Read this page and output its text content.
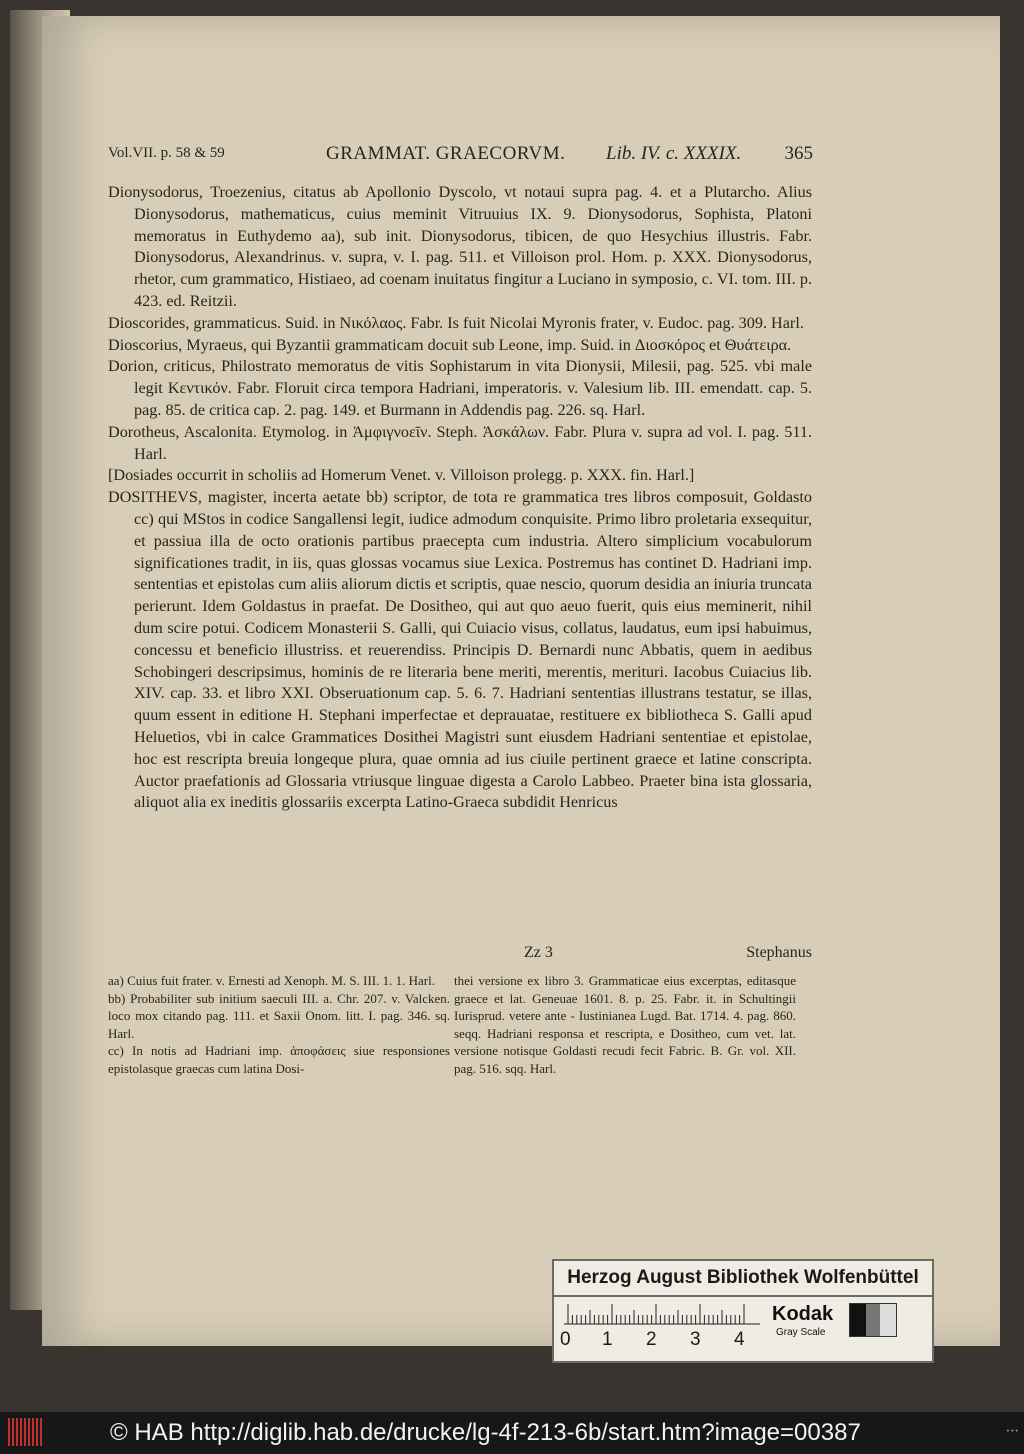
Vol.VII. p. 58 & 59	GRAMMAT. GRAECORVM. Lib. IV. c. XXXIX. 365

Dionysodorus, Troezenius, citatus ab Apollonio Dyscolo, vt notaui supra pag. 4. et a Plutarcho. Alius Dionysodorus, mathematicus, cuius meminit Vitruuius IX. 9. Dionysodorus, Sophista, Platoni memoratus in Euthydemo aa), sub init. Dionysodorus, tibicen, de quo Hesychius illustris. Fabr. Dionysodorus, Alexandrinus. v. supra, v. I. pag. 511. et Villoison prol. Hom. p. XXX. Dionysodorus, rhetor, cum grammatico, Histiaeo, ad coenam inuitatus fingitur a Luciano in symposio, c. VI. tom. III. p. 423. ed. Reitzii.

Dioscorides, grammaticus. Suid. in Νικόλαος. Fabr. Is fuit Nicolai Myronis frater, v. Eudoc. pag. 309. Harl.

Dioscorius, Myraeus, qui Byzantii grammaticam docuit sub Leone, imp. Suid. in Διοσκόρος et Θυάτειρα.

Dorion, criticus, Philostrato memoratus de vitis Sophistarum in vita Dionysii, Milesii, pag. 525. vbi male legit Κεντικόν. Fabr. Floruit circa tempora Hadriani, imperatoris. v. Valesium lib. III. emendatt. cap. 5. pag. 85. de critica cap. 2. pag. 149. et Burmann in Addendis pag. 226. sq. Harl.

Dorotheus, Ascalonita. Etymolog. in Ἀμφιγνοεῖν. Steph. Ἀσκάλων. Fabr. Plura v. supra ad vol. I. pag. 511. Harl.

[Dosiades occurrit in scholiis ad Homerum Venet. v. Villoison prolegg. p. XXX. fin. Harl.]

DOSITHEVS, magister, incerta aetate bb) scriptor, de tota re grammatica tres libros composuit, Goldasto cc) qui MStos in codice Sangallensi legit, iudice admodum conquisite. Primo libro proletaria exsequitur, et passiua illa de octo orationis partibus praecepta cum industria. Altero simplicium vocabulorum significationes tradit, in iis, quas glossas vocamus siue Lexica. Postremus has continet D. Hadriani imp. sententias et epistolas cum aliis aliorum dictis et scriptis, quae nescio, quorum desidia an iniuria truncata perierunt. Idem Goldastus in praefat. De Dositheo, qui aut quo aeuo fuerit, quis eius meminerit, nihil dum scire potui. Codicem Monasterii S. Galli, qui Cuiacio visus, collatus, laudatus, eum ipsi habuimus, concessu et beneficio illustriss. et reuerendiss. Principis D. Bernardi nunc Abbatis, quem in aedibus Schobingeri descripsimus, hominis de re literaria bene meriti, merentis, merituri. Iacobus Cuiacius lib. XIV. cap. 33. et libro XXI. Obseruationum cap. 5. 6. 7. Hadriani sententias illustrans testatur, se illas, quum essent in editione H. Stephani imperfectae et deprauatae, restituere ex bibliotheca S. Galli apud Heluetios, vbi in calce Grammatices Dosithei Magistri sunt eiusdem Hadriani sententiae et epistolae, hoc est rescripta breuia longeque plura, quae omnia ad ius ciuile pertinent graece et latine conscripta. Auctor praefationis ad Glossaria vtriusque linguae digesta a Carolo Labbeo. Praeter bina ista glossaria, aliquot alia ex ineditis glossariis excerpta Latino-Graeca subdidit Henricus

Zz 3	Stephanus

aa) Cuius fuit frater. v. Ernesti ad Xenoph. M. S. III. 1. 1. Harl.

bb) Probabiliter sub initium saeculi III. a. Chr. 207. v. Valcken. loco mox citando pag. 111. et Saxii Onom. litt. I. pag. 346. sq. Harl.

cc) In notis ad Hadriani imp. ἀποφάσεις siue responsiones epistolasque graecas cum latina Dosi-

thei versione ex libro 3. Grammaticae eius excerptas, editasque graece et lat. Geneuae 1601. 8. p. 25. Fabr. it. in Schultingii Iurisprud. vetere ante - Iustinianea Lugd. Bat. 1714. 4. pag. 860. seqq. Hadriani responsa et rescripta, e Dositheo, cum vet. lat. versione notisque Goldasti recudi fecit Fabric. B. Gr. vol. XII. pag. 516. sqq. Harl.

Herzog August Bibliothek Wolfenbüttel
0 1 2 3 4
Kodak
Gray Scale
© HAB http://diglib.hab.de/drucke/lg-4f-213-6b/start.htm?image=00387	• • •
